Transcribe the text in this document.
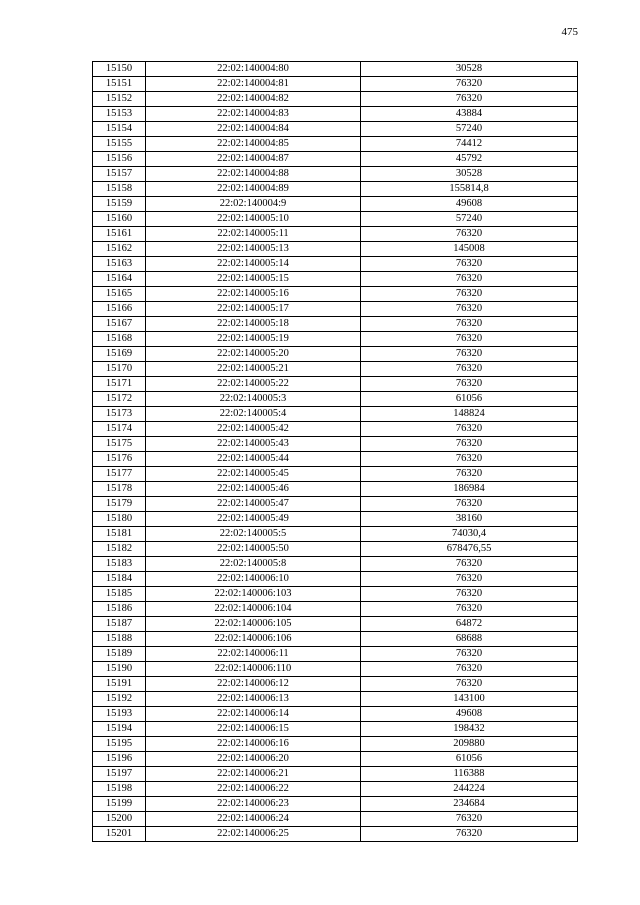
475
15150	22:02:140004:80	30528
15151	22:02:140004:81	76320
15152	22:02:140004:82	76320
15153	22:02:140004:83	43884
15154	22:02:140004:84	57240
15155	22:02:140004:85	74412
15156	22:02:140004:87	45792
15157	22:02:140004:88	30528
15158	22:02:140004:89	155814,8
15159	22:02:140004:9	49608
15160	22:02:140005:10	57240
15161	22:02:140005:11	76320
15162	22:02:140005:13	145008
15163	22:02:140005:14	76320
15164	22:02:140005:15	76320
15165	22:02:140005:16	76320
15166	22:02:140005:17	76320
15167	22:02:140005:18	76320
15168	22:02:140005:19	76320
15169	22:02:140005:20	76320
15170	22:02:140005:21	76320
15171	22:02:140005:22	76320
15172	22:02:140005:3	61056
15173	22:02:140005:4	148824
15174	22:02:140005:42	76320
15175	22:02:140005:43	76320
15176	22:02:140005:44	76320
15177	22:02:140005:45	76320
15178	22:02:140005:46	186984
15179	22:02:140005:47	76320
15180	22:02:140005:49	38160
15181	22:02:140005:5	74030,4
15182	22:02:140005:50	678476,55
15183	22:02:140005:8	76320
15184	22:02:140006:10	76320
15185	22:02:140006:103	76320
15186	22:02:140006:104	76320
15187	22:02:140006:105	64872
15188	22:02:140006:106	68688
15189	22:02:140006:11	76320
15190	22:02:140006:110	76320
15191	22:02:140006:12	76320
15192	22:02:140006:13	143100
15193	22:02:140006:14	49608
15194	22:02:140006:15	198432
15195	22:02:140006:16	209880
15196	22:02:140006:20	61056
15197	22:02:140006:21	116388
15198	22:02:140006:22	244224
15199	22:02:140006:23	234684
15200	22:02:140006:24	76320
15201	22:02:140006:25	76320
